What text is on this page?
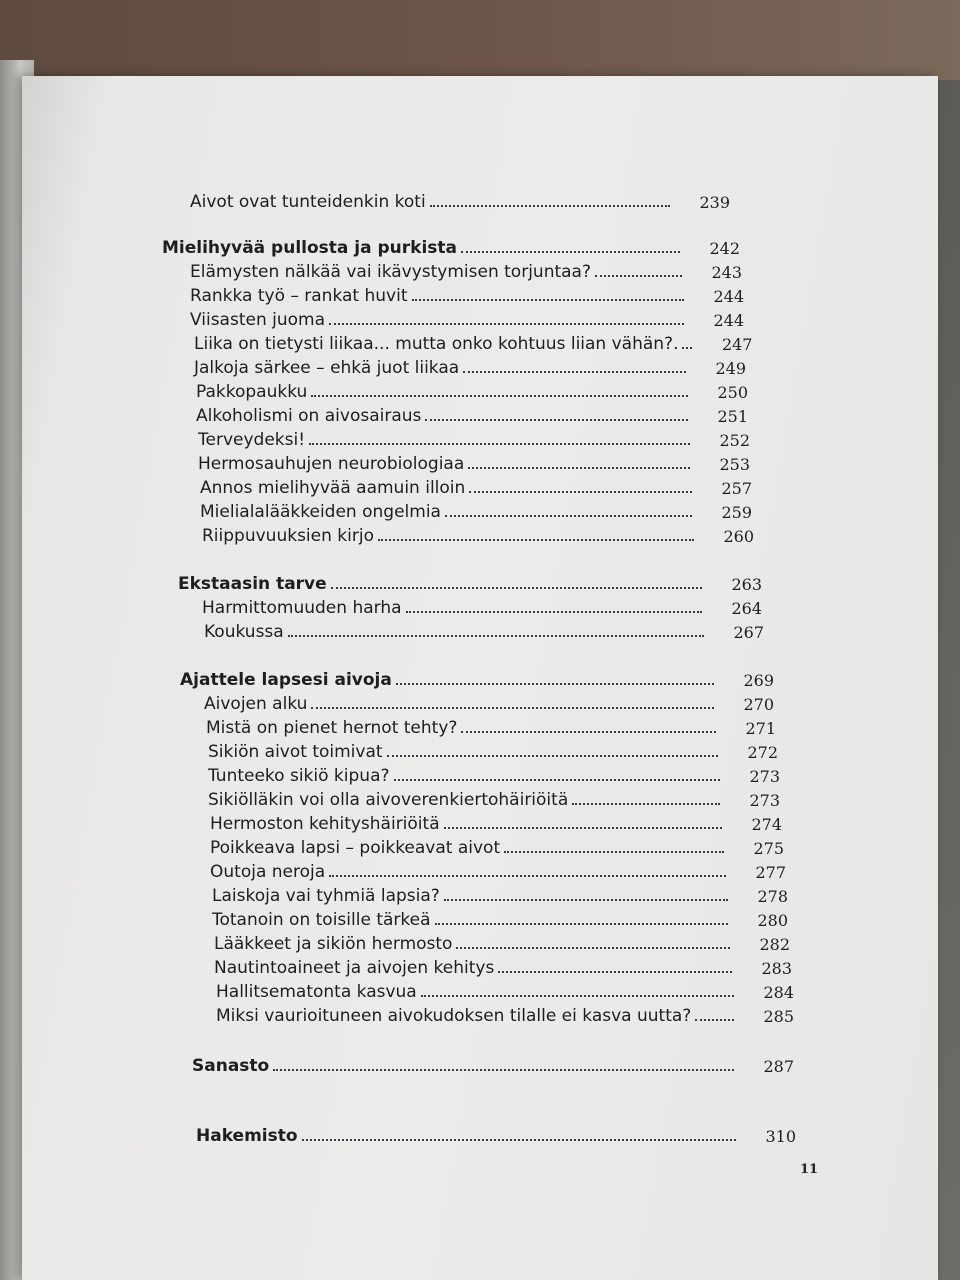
Aivot ovat tunteidenkin koti	239
Mielihyvää pullosta ja purkista	242
Elämysten nälkää vai ikävystymisen torjuntaa?	243
Rankka työ – rankat huvit	244
Viisasten juoma	244
Liika on tietysti liikaa... mutta onko kohtuus liian vähän?.	247
Jalkoja särkee – ehkä juot liikaa	249
Pakkopaukku	250
Alkoholismi on aivosairaus	251
Terveydeksi!	252
Hermosauhujen neurobiologiaa	253
Annos mielihyvää aamuin illoin	257
Mielialalääkkeiden ongelmia	259
Riippuvuuksien kirjo	260
Ekstaasin tarve	263
Harmittomuuden harha	264
Koukussa	267
Ajattele lapsesi aivoja	269
Aivojen alku	270
Mistä on pienet hernot tehty?	271
Sikiön aivot toimivat	272
Tunteeko sikiö kipua?	273
Sikiölläkin voi olla aivoverenkiertohäiriöitä	273
Hermoston kehityshäiriöitä	274
Poikkeava lapsi – poikkeavat aivot	275
Outoja neroja	277
Laiskoja vai tyhmiä lapsia?	278
Totanoin on toisille tärkeä	280
Lääkkeet ja sikiön hermosto	282
Nautintoaineet ja aivojen kehitys	283
Hallitsematonta kasvua	284
Miksi vaurioituneen aivokudoksen tilalle ei kasva uutta?	285
Sanasto	287
Hakemisto	310
11
